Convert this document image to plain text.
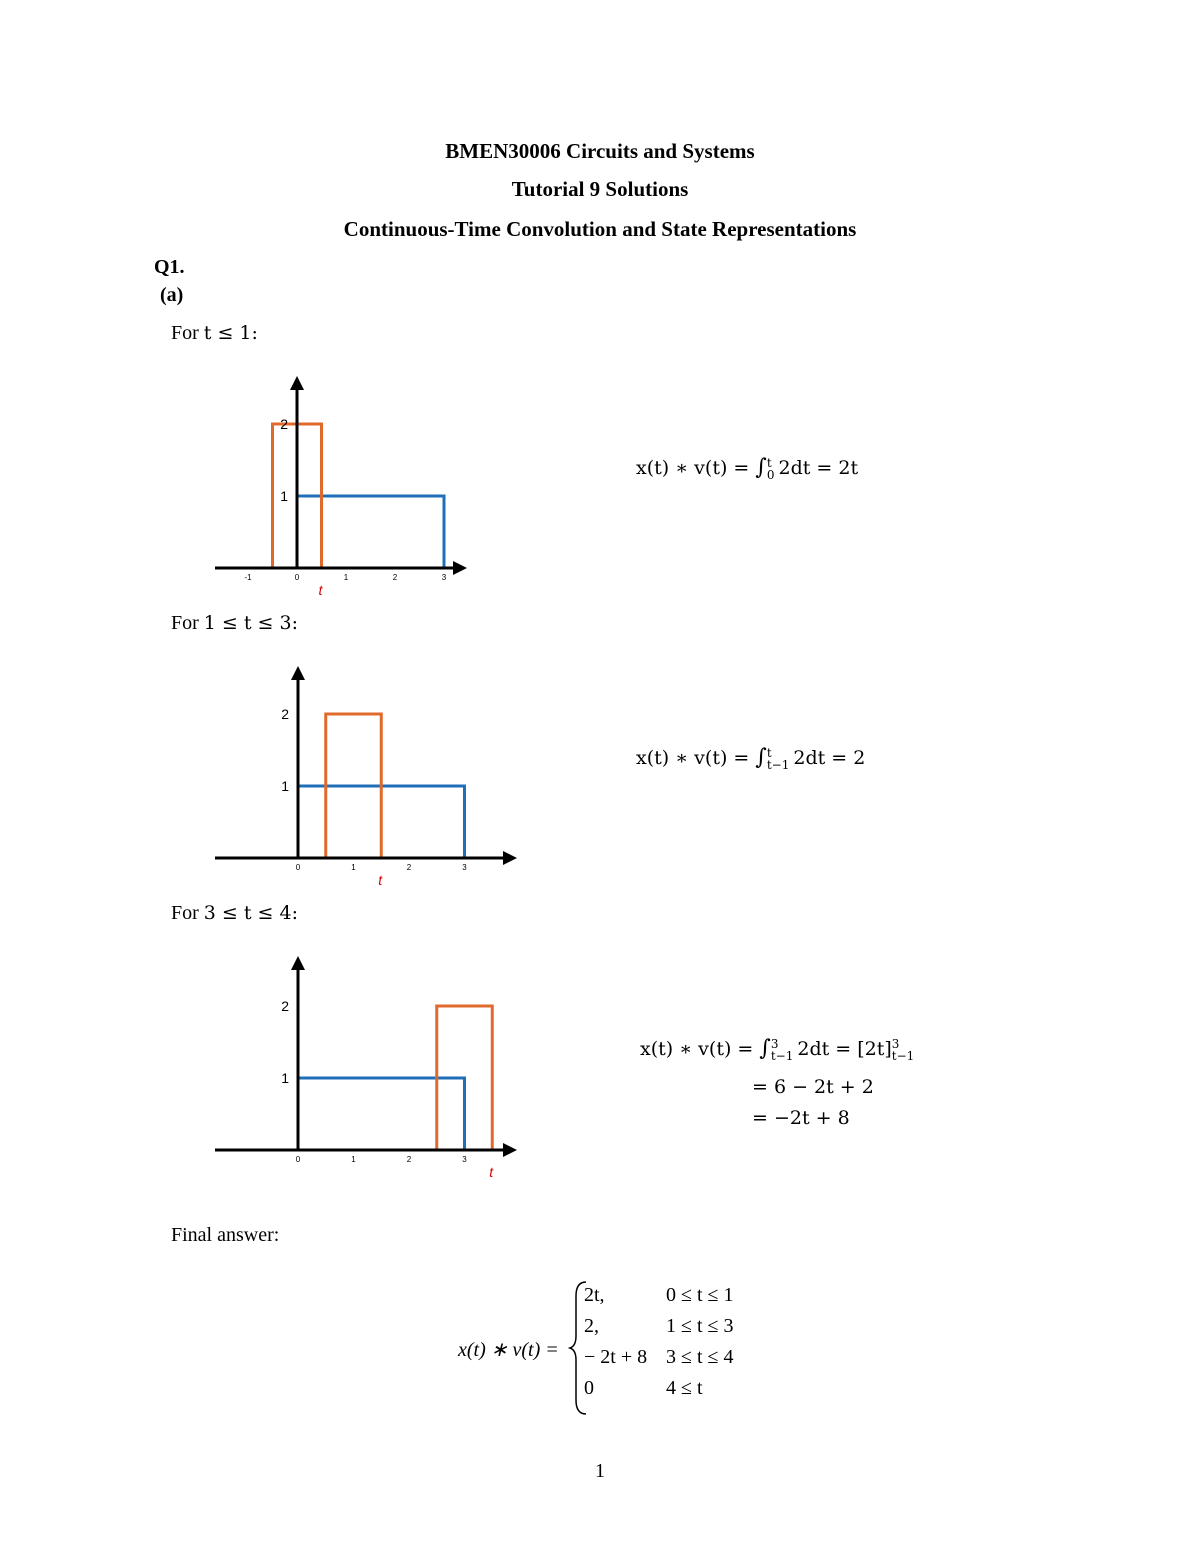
BMEN30006 Circuits and Systems
Tutorial 9 Solutions
Continuous-Time Convolution and State Representations
Q1.
(a)
For t ≤ 1:
2
1
-1	0	1	2	3
t
x(t) ∗ v(t) = ∫ t
0 2dt = 2t
For 1 ≤ t ≤ 3:
2
1
0	1	2	3
t
x(t) ∗ v(t) = ∫ t
t−1 2dt = 2
For 3 ≤ t ≤ 4:
2
1
0	1	2	3
t
x(t) ∗ v(t) = ∫ 3
t−1 2dt = [2t] 3
t−1
= 6 − 2t + 2
= −2t + 8
Final answer:
x(t) ∗ v(t) =
2t,	0 ≤ t ≤ 1
2,	1 ≤ t ≤ 3
− 2t + 8	3 ≤ t ≤ 4
0	4 ≤ t
1
